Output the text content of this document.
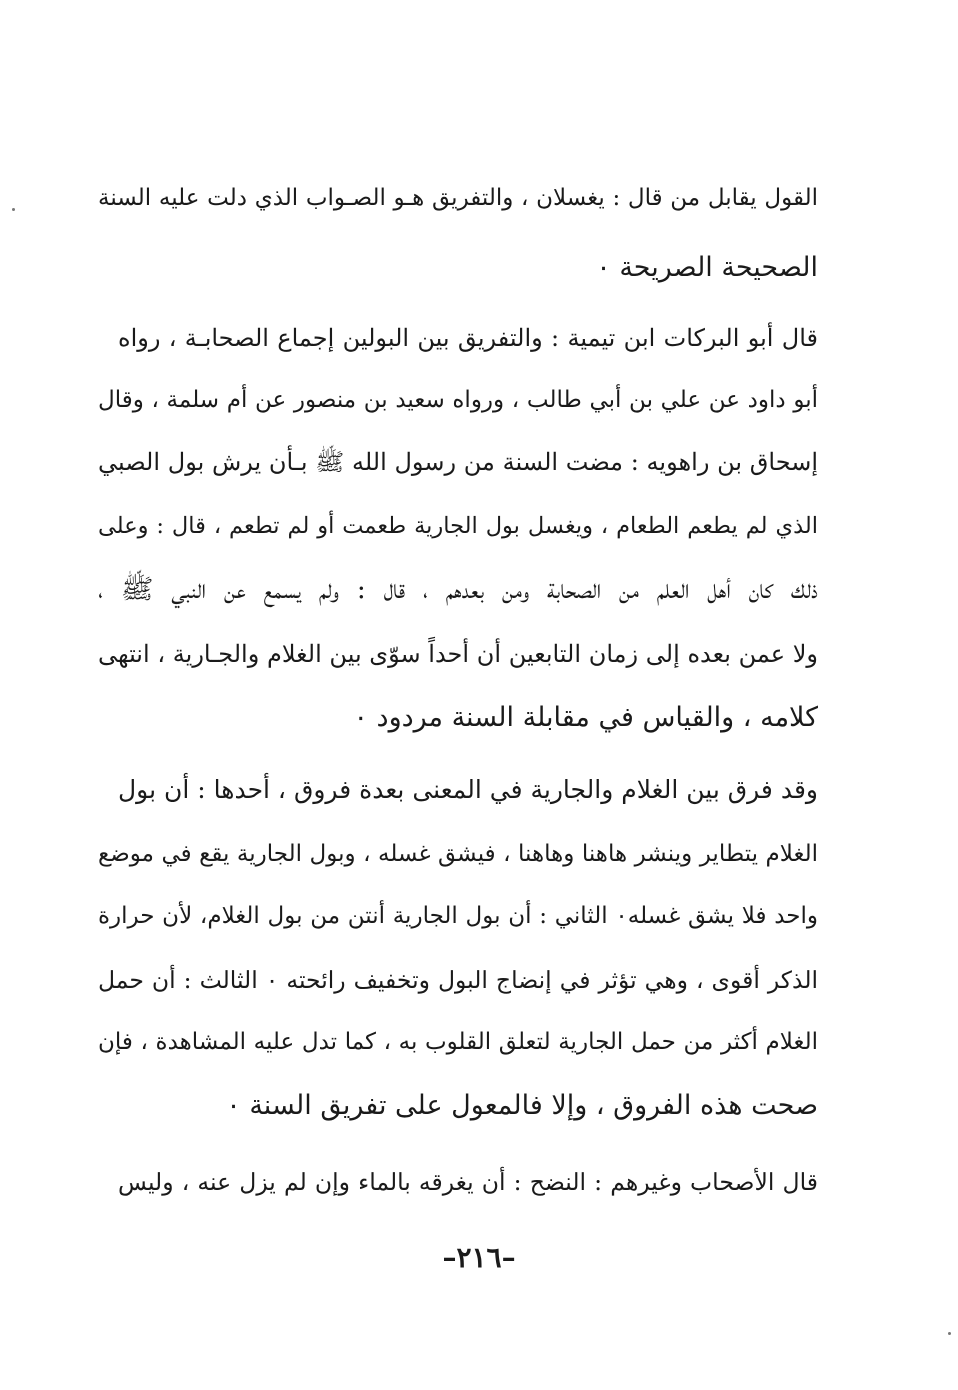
القول يقابل من قال : يغسلان ، والتفريق هـو الصـواب الذي دلت عليه السنة
الصحيحة الصريحة ٠
قال أبو البركات ابن تيمية : والتفريق بين البولين إجماع الصحابـة ، رواه
أبو داود عن علي بن أبي طالب ، ورواه سعيد بن منصور عن أم سلمة ، وقال
إسحاق بن راهويه : مضت السنة من رسول الله ﷺ بـأن يرش بول الصبي
الذي لم يطعم الطعام ، ويغسل بول الجارية طعمت أو لم تطعم ، قال : وعلى
ذلك كان أهل العلم من الصحابة ومن بعدهم ، قال : ولم يسمع عن النبي ﷺ ،
ولا عمن بعده إلى زمان التابعين أن أحداً سوّى بين الغلام والجـارية ، انتهى
كلامه ، والقياس في مقابلة السنة مردود ٠
وقد فرق بين الغلام والجارية في المعنى بعدة فروق ، أحدها : أن بول
الغلام يتطاير وينشر هاهنا وهاهنا ، فيشق غسله ، وبول الجارية يقع في موضع
واحد فلا يشق غسله٠ الثاني : أن بول الجارية أنتن من بول الغلام، لأن حرارة
الذكر أقوى ، وهي تؤثر في إنضاج البول وتخفيف رائحته ٠ الثالث : أن حمل
الغلام أكثر من حمل الجارية لتعلق القلوب به ، كما تدل عليه المشاهدة ، فإن
صحت هذه الفروق ، وإلا فالمعول على تفريق السنة ٠
قال الأصحاب وغيرهم : النضح : أن يغرقه بالماء وإن لم يزل عنه ، وليس
–٢١٦–
